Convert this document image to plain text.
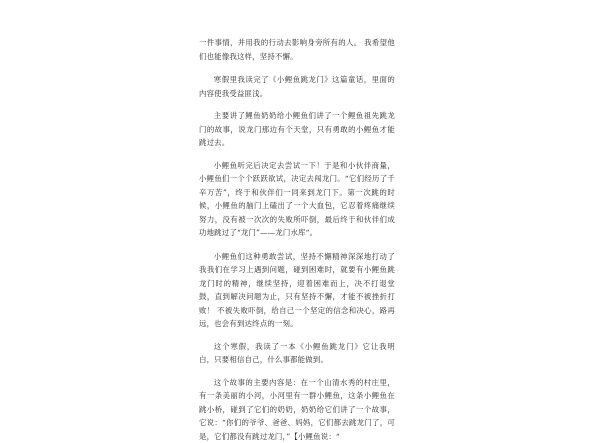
一件事情，并用我的行动去影响身旁所有的人。 我希望他们也能像我这样，坚持不懈。

寒假里我读完了《小鲤鱼跳龙门》这篇童话，里面的内容使我受益匪浅。

主要讲了鲤鱼奶奶给小鲤鱼们讲了一个鲤鱼祖先跳龙门的故事，说龙门那边有个天堂，只有勇敢的小鲤鱼才能跳过去。

小鲤鱼听完后决定去尝试一下！于是和小伙伴商量，小鲤鱼们一个个跃跃欲试，决定去闯龙门。“它们经历了千辛万苦”，终于和伙伴们一同来到龙门下。第一次跳的时候，小鲤鱼的脑门上磕出了一个大血包，它忍着疼痛继续努力，没有被一次次的失败所吓倒，最后终于和伙伴们成功地跳过了“龙门”——龙门水库“。

小鲤鱼们这种勇敢尝试，坚持不懈精神深深地打动了我我们在学习上遇到问题，碰到困难时，就要有小鲤鱼跳龙门时的精神，继续坚持，迎着困难而上，决不打退堂鼓，直到解决问题为止，只有坚持不懈，才能不被挫折打败！ 不被失败吓倒，给自己一个坚定的信念和决心，路再远，也会有到达终点的一刻。

这个寒假，我读了一本《小鲤鱼跳龙门》它让我明白，只要相信自己，什么事都能做到。

这个故事的主要内容是：在一个山清水秀的村庄里，有一条美丽的小河，小河里有一群小鲤鱼，这条小鲤鱼在跳小桥，碰到了它们的奶奶，奶奶给它们讲了一个故事，它说：“你们的爷爷、爸爸、妈妈，它们都去跳龙门了，可是，它们都没有跳过龙门，”【小鲤鱼说：“
